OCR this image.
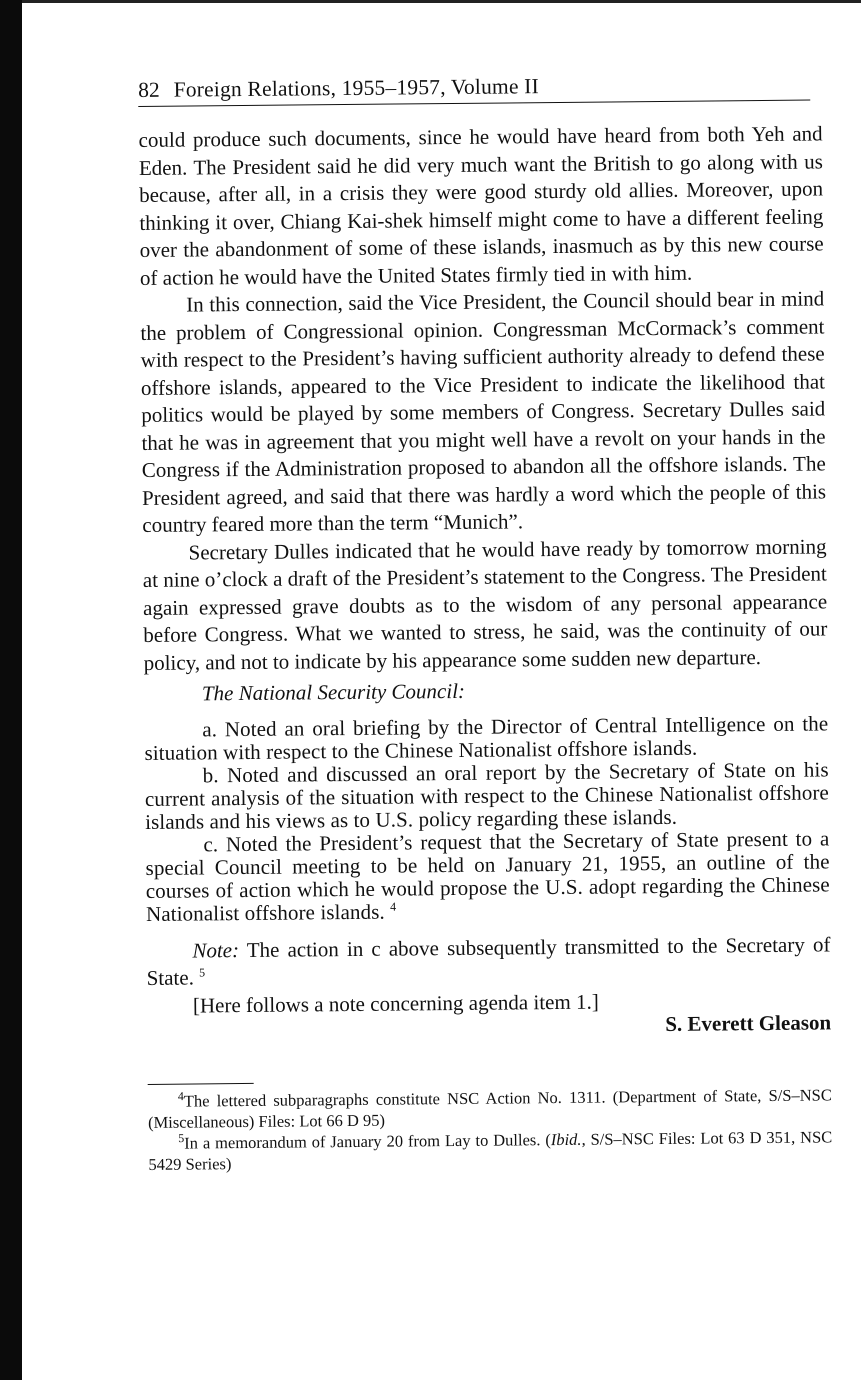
82 Foreign Relations, 1955–1957, Volume II

could produce such documents, since he would have heard from both Yeh and Eden. The President said he did very much want the British to go along with us because, after all, in a crisis they were good sturdy old allies. Moreover, upon thinking it over, Chiang Kai-shek himself might come to have a different feeling over the abandonment of some of these islands, inasmuch as by this new course of action he would have the United States firmly tied in with him.

In this connection, said the Vice President, the Council should bear in mind the problem of Congressional opinion. Congressman McCormack’s comment with respect to the President’s having sufficient authority already to defend these offshore islands, appeared to the Vice President to indicate the likelihood that politics would be played by some members of Congress. Secretary Dulles said that he was in agreement that you might well have a revolt on your hands in the Congress if the Administration proposed to abandon all the offshore islands. The President agreed, and said that there was hardly a word which the people of this country feared more than the term “Munich”.

Secretary Dulles indicated that he would have ready by tomorrow morning at nine o’clock a draft of the President’s statement to the Congress. The President again expressed grave doubts as to the wisdom of any personal appearance before Congress. What we wanted to stress, he said, was the continuity of our policy, and not to indicate by his appearance some sudden new departure.

The National Security Council:

a. Noted an oral briefing by the Director of Central Intelligence on the situation with respect to the Chinese Nationalist offshore islands.

b. Noted and discussed an oral report by the Secretary of State on his current analysis of the situation with respect to the Chinese Nationalist offshore islands and his views as to U.S. policy regarding these islands.

c. Noted the President’s request that the Secretary of State present to a special Council meeting to be held on January 21, 1955, an outline of the courses of action which he would propose the U.S. adopt regarding the Chinese Nationalist offshore islands. $^4$

Note: The action in c above subsequently transmitted to the Secretary of State. $^5$

[Here follows a note concerning agenda item 1.]

S. Everett Gleason

$^4$The lettered subparagraphs constitute NSC Action No. 1311. (Department of State, S/S–NSC (Miscellaneous) Files: Lot 66 D 95)

$^5$In a memorandum of January 20 from Lay to Dulles. (Ibid., S/S–NSC Files: Lot 63 D 351, NSC 5429 Series)
